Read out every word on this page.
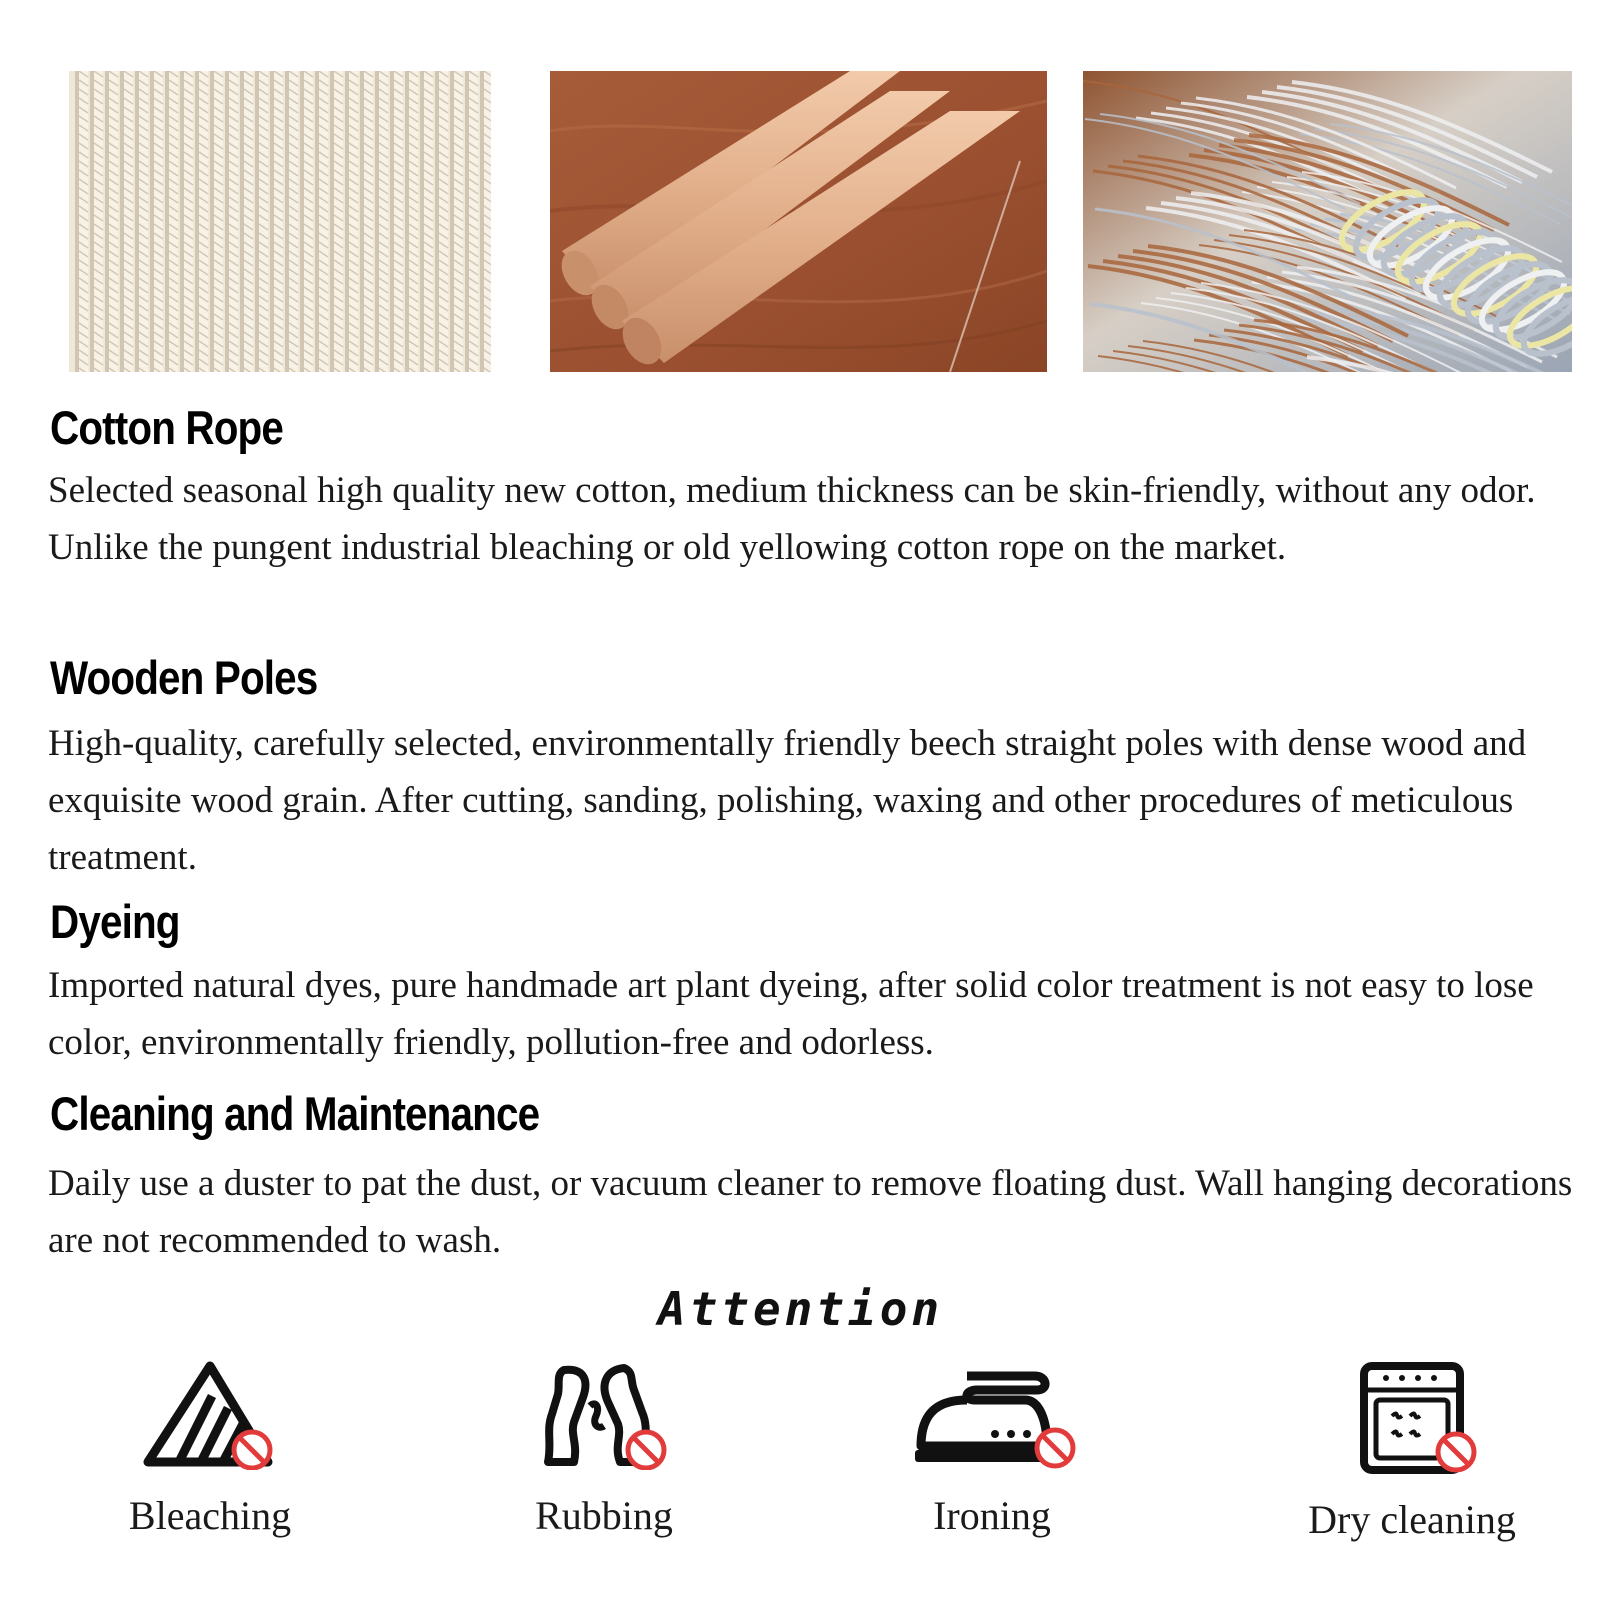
Cotton Rope

Selected seasonal high quality new cotton, medium thickness can be skin-friendly, without any odor. Unlike the pungent industrial bleaching or old yellowing cotton rope on the market.

Wooden Poles

High-quality, carefully selected, environmentally friendly beech straight poles with dense wood and exquisite wood grain. After cutting, sanding, polishing, waxing and other procedures of meticulous treatment.

Dyeing

Imported natural dyes, pure handmade art plant dyeing, after solid color treatment is not easy to lose color, environmentally friendly, pollution-free and odorless.

Cleaning and Maintenance

Daily use a duster to pat the dust, or vacuum cleaner to remove floating dust. Wall hanging decorations are not recommended to wash.

Attention
Bleaching	Rubbing	Ironing	Dry cleaning
